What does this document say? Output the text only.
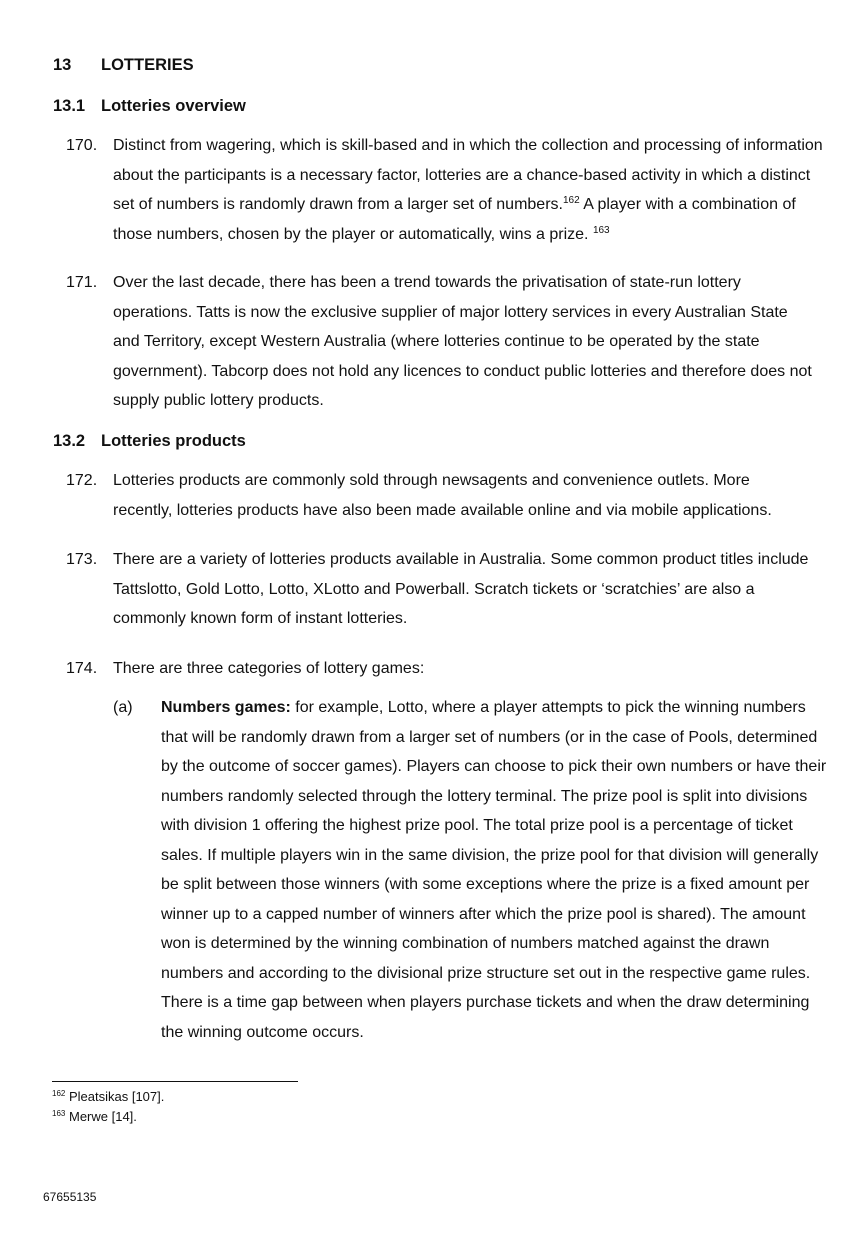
13 LOTTERIES
13.1 Lotteries overview
170. Distinct from wagering, which is skill-based and in which the collection and processing of information about the participants is a necessary factor, lotteries are a chance-based activity in which a distinct set of numbers is randomly drawn from a larger set of numbers.$^{162}$ A player with a combination of those numbers, chosen by the player or automatically, wins a prize. $^{163}$
171. Over the last decade, there has been a trend towards the privatisation of state-run lottery operations. Tatts is now the exclusive supplier of major lottery services in every Australian State and Territory, except Western Australia (where lotteries continue to be operated by the state government). Tabcorp does not hold any licences to conduct public lotteries and therefore does not supply public lottery products.
13.2 Lotteries products
172. Lotteries products are commonly sold through newsagents and convenience outlets. More recently, lotteries products have also been made available online and via mobile applications.
173. There are a variety of lotteries products available in Australia. Some common product titles include Tattslotto, Gold Lotto, Lotto, XLotto and Powerball. Scratch tickets or ‘scratchies’ are also a commonly known form of instant lotteries.
174. There are three categories of lottery games:
(a) Numbers games: for example, Lotto, where a player attempts to pick the winning numbers that will be randomly drawn from a larger set of numbers (or in the case of Pools, determined by the outcome of soccer games). Players can choose to pick their own numbers or have their numbers randomly selected through the lottery terminal. The prize pool is split into divisions with division 1 offering the highest prize pool. The total prize pool is a percentage of ticket sales. If multiple players win in the same division, the prize pool for that division will generally be split between those winners (with some exceptions where the prize is a fixed amount per winner up to a capped number of winners after which the prize pool is shared). The amount won is determined by the winning combination of numbers matched against the drawn numbers and according to the divisional prize structure set out in the respective game rules. There is a time gap between when players purchase tickets and when the draw determining the winning outcome occurs.
$^{162}$ Pleatsikas [107].
$^{163}$ Merwe [14].
67655135
